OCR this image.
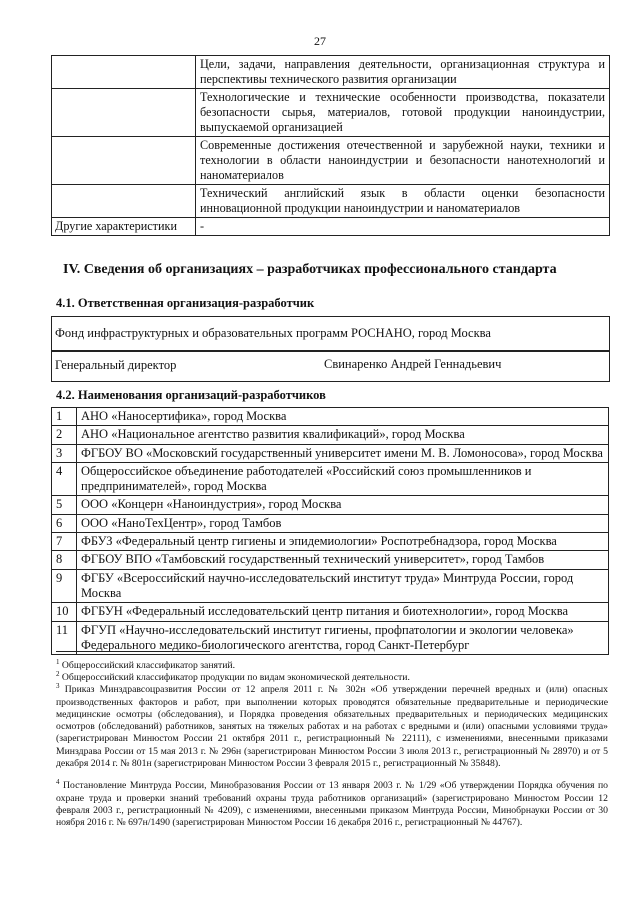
27
	Цели, задачи, направления деятельности, организационная структура и перспективы технического развития организации
	Технологические и технические особенности производства, показатели безопасности сырья, материалов, готовой продукции наноиндустрии, выпускаемой организацией
	Современные достижения отечественной и зарубежной науки, техники и технологии в области наноиндустрии и безопасности нанотехнологий и наноматериалов
	Технический английский язык в области оценки безопасности инновационной продукции наноиндустрии и наноматериалов
Другие характеристики	-
IV. Сведения об организациях – разработчиках профессионального стандарта
4.1. Ответственная организация-разработчик
Фонд инфраструктурных и образовательных программ РОСНАНО, город Москва
Генеральный директор	Свинаренко Андрей Геннадьевич
4.2. Наименования организаций-разработчиков
1	АНО «Наносертифика», город Москва
2	АНО «Национальное агентство развития квалификаций», город Москва
3	ФГБОУ ВО «Московский государственный университет имени М. В. Ломоносова», город Москва
4	Общероссийское объединение работодателей «Российский союз промышленников и предпринимателей», город Москва
5	ООО «Концерн «Наноиндустрия», город Москва
6	ООО «НаноТехЦентр», город Тамбов
7	ФБУЗ «Федеральный центр гигиены и эпидемиологии» Роспотребнадзора, город Москва
8	ФГБОУ ВПО «Тамбовский государственный технический университет», город Тамбов
9	ФГБУ «Всероссийский научно-исследовательский институт труда» Минтруда России, город Москва
10	ФГБУН «Федеральный исследовательский центр питания и биотехнологии», город Москва
11	ФГУП «Научно-исследовательский институт гигиены, профпатологии и экологии человека» Федерального медико-биологического агентства, город Санкт-Петербург
$^1$ Общероссийский классификатор занятий.
$^2$ Общероссийский классификатор продукции по видам экономической деятельности.
$^3$ Приказ Минздравсоцразвития России от 12 апреля 2011 г. № 302н «Об утверждении перечней вредных и (или) опасных производственных факторов и работ, при выполнении которых проводятся обязательные предварительные и периодические медицинские осмотры (обследования), и Порядка проведения обязательных предварительных и периодических медицинских осмотров (обследований) работников, занятых на тяжелых работах и на работах с вредными и (или) опасными условиями труда» (зарегистрирован Минюстом России 21 октября 2011 г., регистрационный № 22111), с изменениями, внесенными приказами Минздрава России от 15 мая 2013 г. № 296н (зарегистрирован Минюстом России 3 июля 2013 г., регистрационный № 28970) и от 5 декабря 2014 г. № 801н (зарегистрирован Минюстом России 3 февраля 2015 г., регистрационный № 35848).
$^4$ Постановление Минтруда России, Минобразования России от 13 января 2003 г. № 1/29 «Об утверждении Порядка обучения по охране труда и проверки знаний требований охраны труда работников организаций» (зарегистрировано Минюстом России 12 февраля 2003 г., регистрационный № 4209), с изменениями, внесенными приказом Минтруда России, Минобрнауки России от 30 ноября 2016 г. № 697н/1490 (зарегистрирован Минюстом России 16 декабря 2016 г., регистрационный № 44767).
